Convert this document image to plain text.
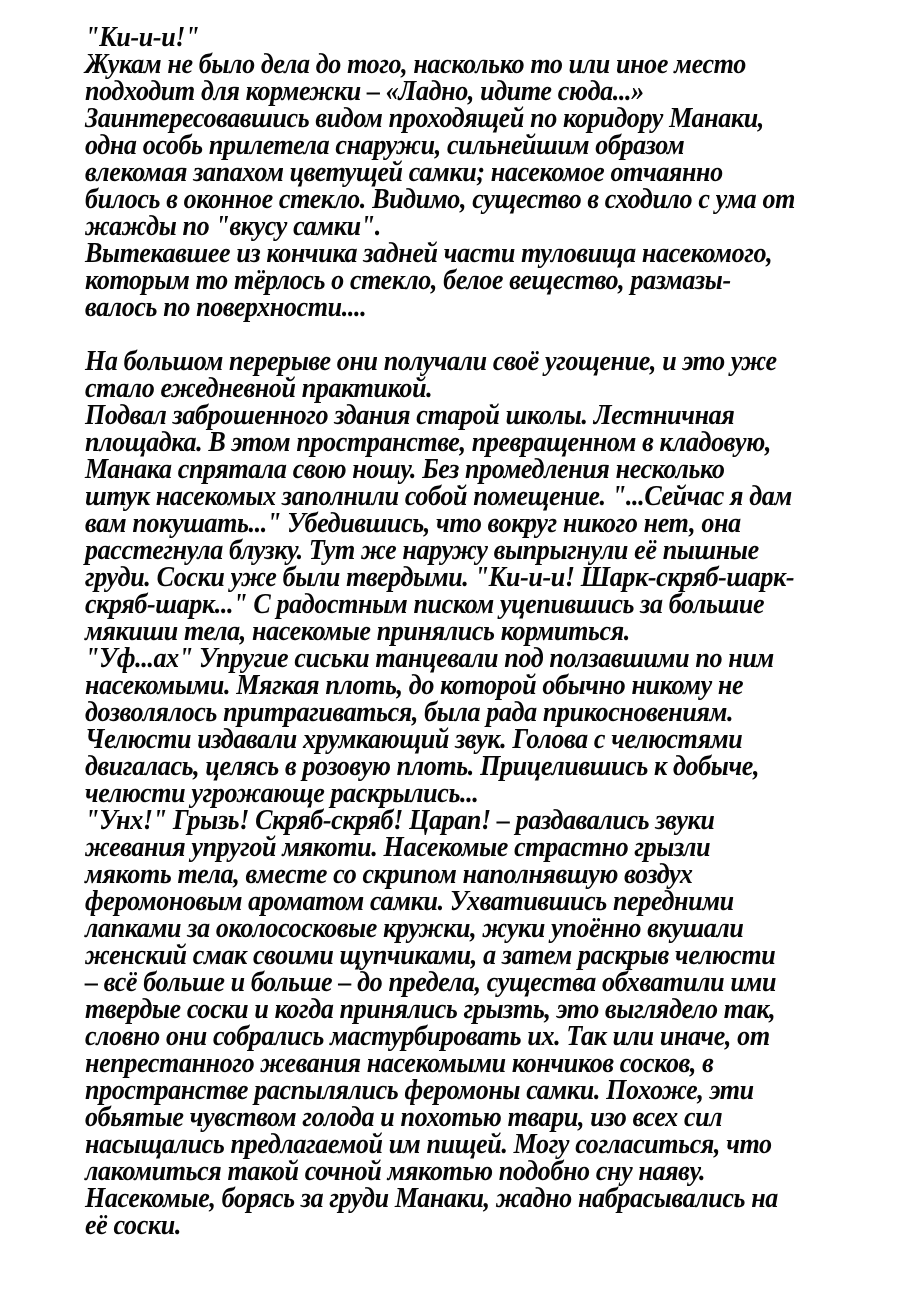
"Ки-и-и!"
Жукам не было дела до того, насколько то или иное место
подходит для кормежки – «Ладно, идите сюда...»
Заинтересовавшись видом проходящей по коридору Манаки,
одна особь прилетела снаружи, сильнейшим образом
влекомая запахом цветущей самки; насекомое отчаянно
билось в оконное стекло. Видимо, существо в сходило с ума от
жажды по "вкусу самки".
Вытекавшее из кончика задней части туловища насекомого,
которым то тёрлось о стекло, белое вещество, размазы-
валось по поверхности....
На большом перерыве они получали своё угощение, и это уже
стало ежедневной практикой.
Подвал заброшенного здания старой школы. Лестничная
площадка. В этом пространстве, превращенном в кладовую,
Манака спрятала свою ношу. Без промедления несколько
штук насекомых заполнили собой помещение. "...Сейчас я дам
вам покушать..." Убедившись, что вокруг никого нет, она
расстегнула блузку. Тут же наружу выпрыгнули её пышные
груди. Соски уже были твердыми. "Ки-и-и! Шарк-скряб-шарк-
скряб-шарк..." С радостным писком уцепившись за большие
мякиши тела, насекомые принялись кормиться.
"Уф...ах" Упругие сиськи танцевали под ползавшими по ним
насекомыми. Мягкая плоть, до которой обычно никому не
дозволялось притрагиваться, была рада прикосновениям.
Челюсти издавали хрумкающий звук. Голова с челюстями
двигалась, целясь в розовую плоть. Прицелившись к добыче,
челюсти угрожающе раскрылись...
"Унх!" Грызь! Скряб-скряб! Царап! – раздавались звуки
жевания упругой мякоти. Насекомые страстно грызли
мякоть тела, вместе со скрипом наполнявшую воздух
феромоновым ароматом самки. Ухватившись передними
лапками за околососковые кружки, жуки упоённо вкушали
женский смак своими щупчиками, а затем раскрыв челюсти
– всё больше и больше – до предела, существа обхватили ими
твердые соски и когда принялись грызть, это выглядело так,
словно они собрались мастурбировать их. Так или иначе, от
непрестанного жевания насекомыми кончиков сосков, в
пространстве распылялись феромоны самки. Похоже, эти
обьятые чувством голода и похотью твари, изо всех сил
насыщались предлагаемой им пищей. Могу согласиться, что
лакомиться такой сочной мякотью подобно сну наяву.
Насекомые, борясь за груди Манаки, жадно набрасывались на
её соски.
